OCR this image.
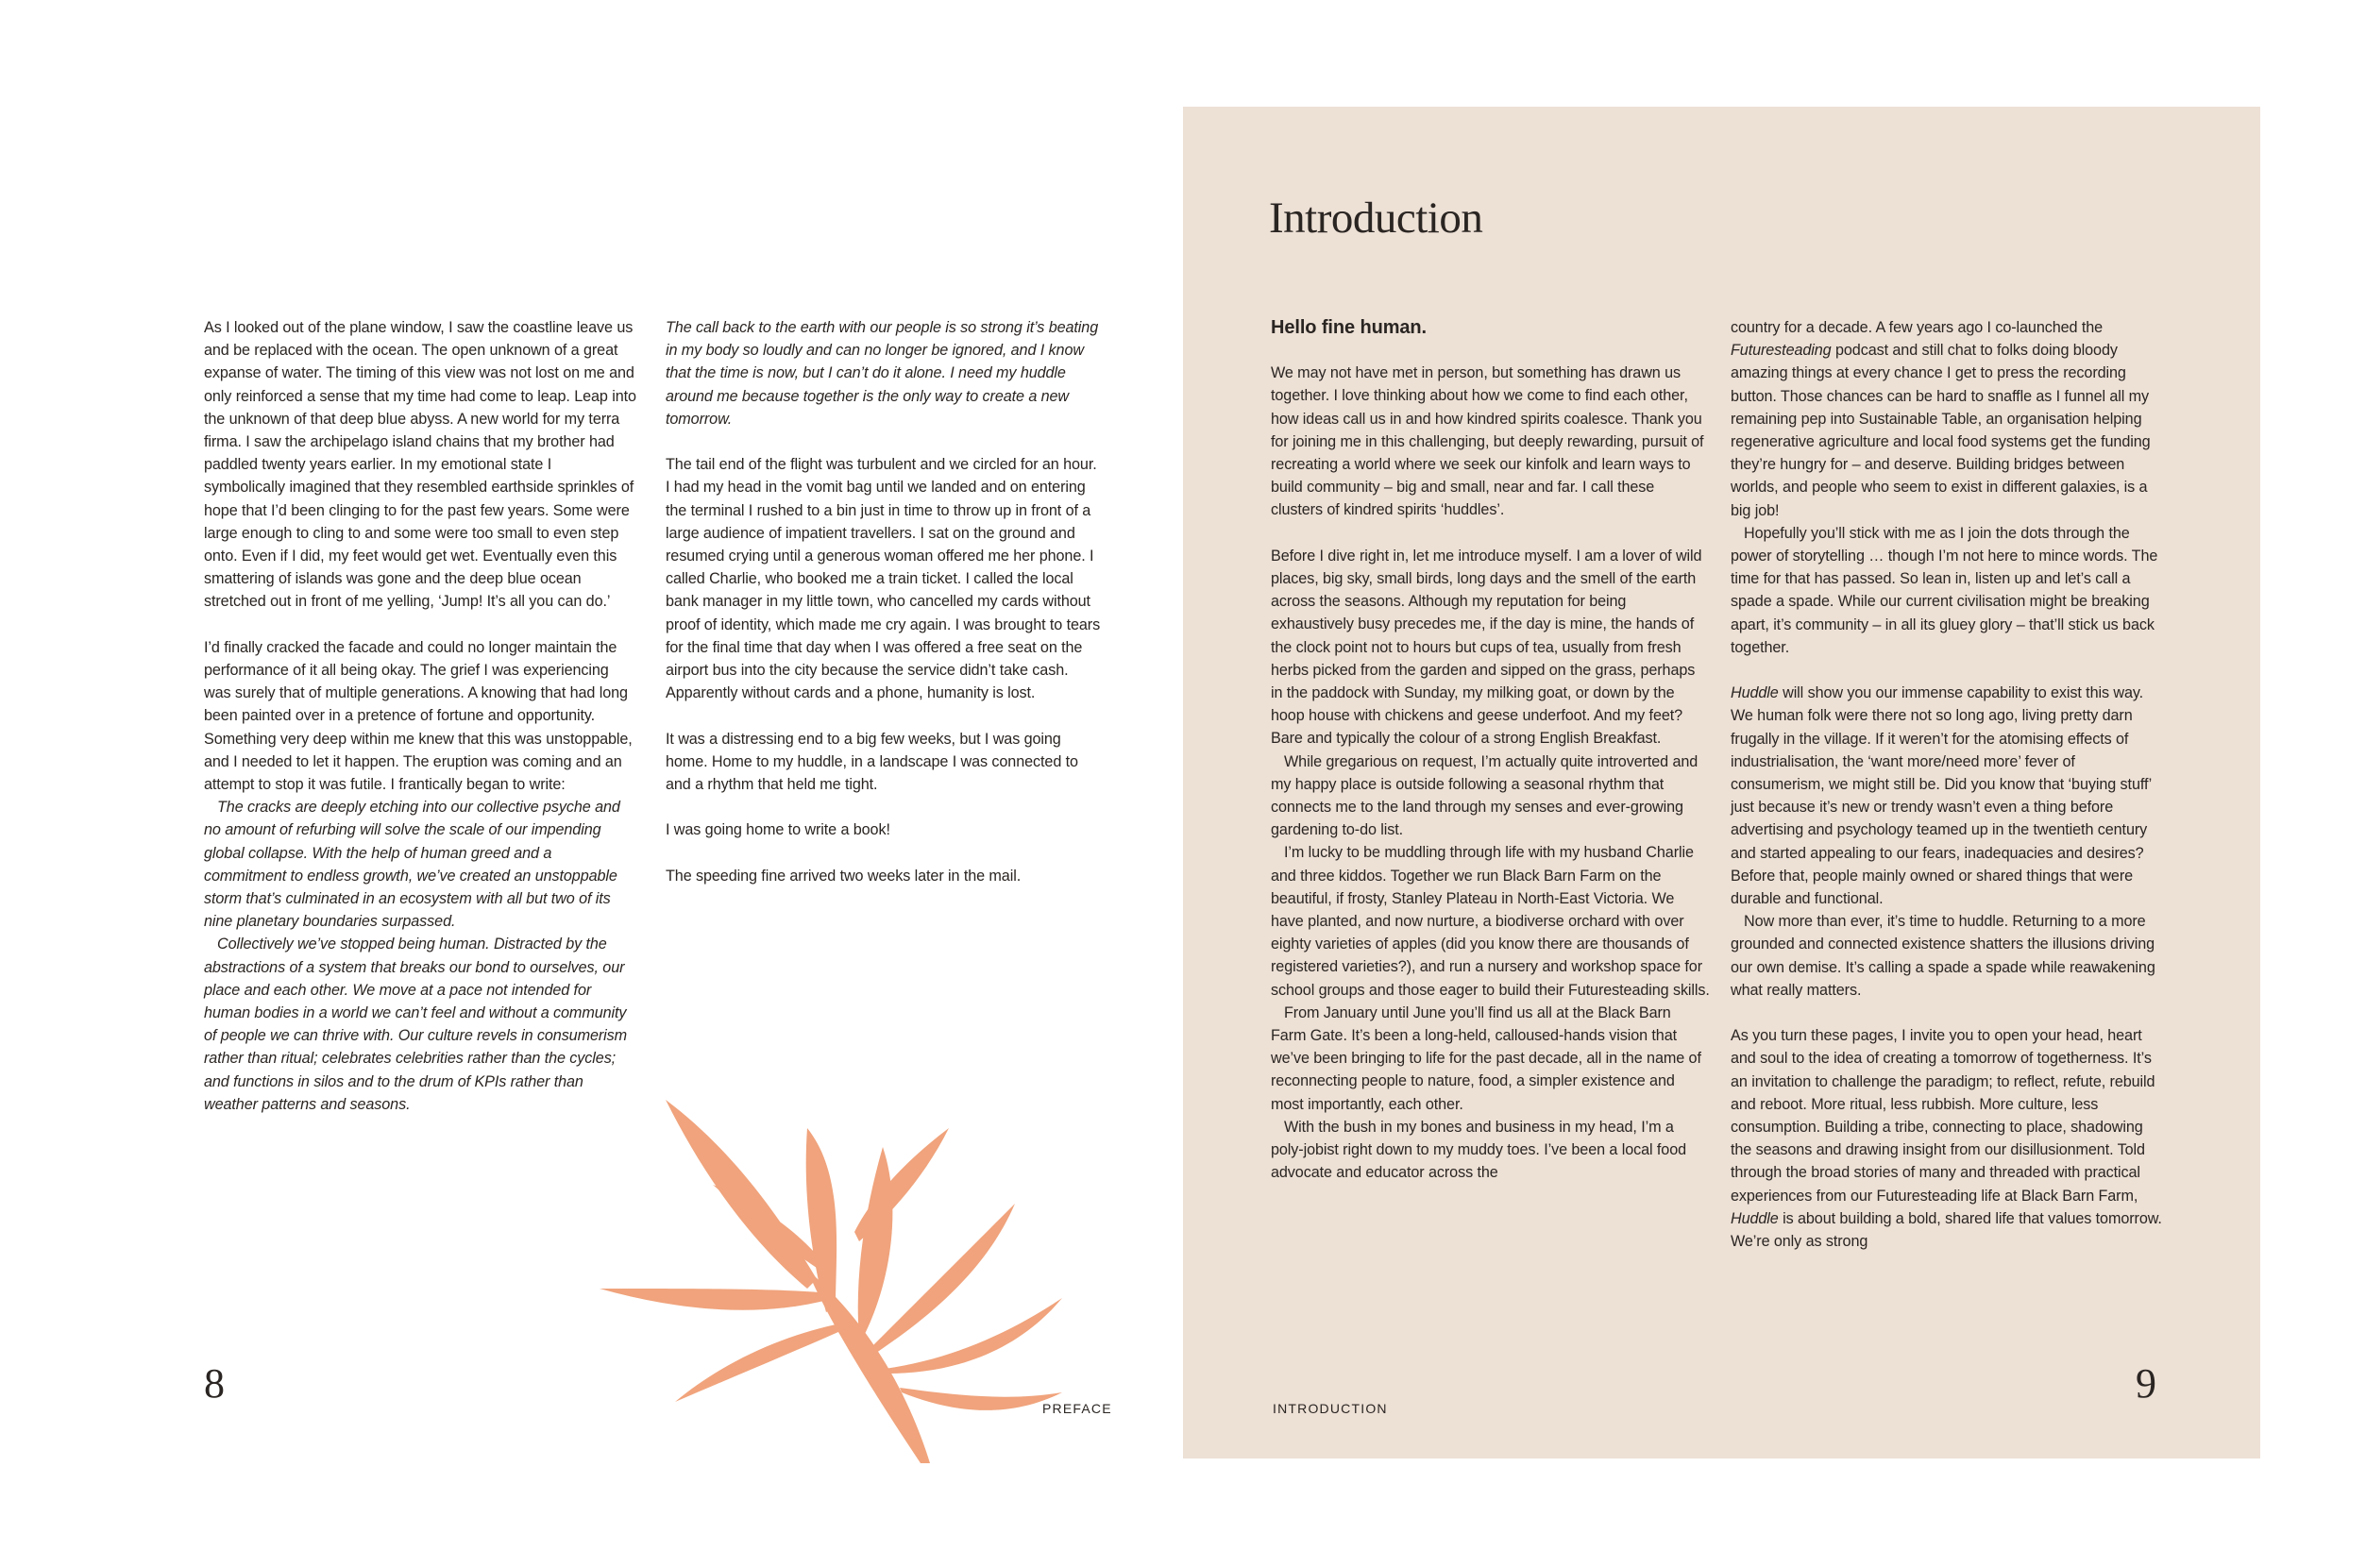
As I looked out of the plane window, I saw the coastline leave us and be replaced with the ocean. The open unknown of a great expanse of water. The timing of this view was not lost on me and only reinforced a sense that my time had come to leap. Leap into the unknown of that deep blue abyss. A new world for my terra firma. I saw the archipelago island chains that my brother had paddled twenty years earlier. In my emotional state I symbolically imagined that they resembled earthside sprinkles of hope that I’d been clinging to for the past few years. Some were large enough to cling to and some were too small to even step onto. Even if I did, my feet would get wet. Eventually even this smattering of islands was gone and the deep blue ocean stretched out in front of me yelling, ‘Jump! It’s all you can do.’

I’d finally cracked the facade and could no longer maintain the performance of it all being okay. The grief I was experiencing was surely that of multiple generations. A knowing that had long been painted over in a pretence of fortune and opportunity. Something very deep within me knew that this was unstoppable, and I needed to let it happen. The eruption was coming and an attempt to stop it was futile. I frantically began to write:

The cracks are deeply etching into our collective psyche and no amount of refurbing will solve the scale of our impending global collapse. With the help of human greed and a commitment to endless growth, we’ve created an unstoppable storm that’s culminated in an ecosystem with all but two of its nine planetary boundaries surpassed.

Collectively we’ve stopped being human. Distracted by the abstractions of a system that breaks our bond to ourselves, our place and each other. We move at a pace not intended for human bodies in a world we can’t feel and without a community of people we can thrive with. Our culture revels in consumerism rather than ritual; celebrates celebrities rather than the cycles; and functions in silos and to the drum of KPIs rather than weather patterns and seasons.

The call back to the earth with our people is so strong it’s beating in my body so loudly and can no longer be ignored, and I know that the time is now, but I can’t do it alone. I need my huddle around me because together is the only way to create a new tomorrow.

The tail end of the flight was turbulent and we circled for an hour. I had my head in the vomit bag until we landed and on entering the terminal I rushed to a bin just in time to throw up in front of a large audience of impatient travellers. I sat on the ground and resumed crying until a generous woman offered me her phone. I called Charlie, who booked me a train ticket. I called the local bank manager in my little town, who cancelled my cards without proof of identity, which made me cry again. I was brought to tears for the final time that day when I was offered a free seat on the airport bus into the city because the service didn’t take cash. Apparently without cards and a phone, humanity is lost.

It was a distressing end to a big few weeks, but I was going home. Home to my huddle, in a landscape I was connected to and a rhythm that held me tight.

I was going home to write a book!

The speeding fine arrived two weeks later in the mail.

8
PREFACE
Introduction
Hello fine human.

We may not have met in person, but something has drawn us together. I love thinking about how we come to find each other, how ideas call us in and how kindred spirits coalesce. Thank you for joining me in this challenging, but deeply rewarding, pursuit of recreating a world where we seek our kinfolk and learn ways to build community – big and small, near and far. I call these clusters of kindred spirits ‘huddles’.

Before I dive right in, let me introduce myself. I am a lover of wild places, big sky, small birds, long days and the smell of the earth across the seasons. Although my reputation for being exhaustively busy precedes me, if the day is mine, the hands of the clock point not to hours but cups of tea, usually from fresh herbs picked from the garden and sipped on the grass, perhaps in the paddock with Sunday, my milking goat, or down by the hoop house with chickens and geese underfoot. And my feet? Bare and typically the colour of a strong English Breakfast.

While gregarious on request, I’m actually quite introverted and my happy place is outside following a seasonal rhythm that connects me to the land through my senses and ever-growing gardening to-do list.

I’m lucky to be muddling through life with my husband Charlie and three kiddos. Together we run Black Barn Farm on the beautiful, if frosty, Stanley Plateau in North-East Victoria. We have planted, and now nurture, a biodiverse orchard with over eighty varieties of apples (did you know there are thousands of registered varieties?), and run a nursery and workshop space for school groups and those eager to build their Futuresteading skills.

From January until June you’ll find us all at the Black Barn Farm Gate. It’s been a long-held, calloused-hands vision that we’ve been bringing to life for the past decade, all in the name of reconnecting people to nature, food, a simpler existence and most importantly, each other.

With the bush in my bones and business in my head, I’m a poly-jobist right down to my muddy toes. I’ve been a local food advocate and educator across the

country for a decade. A few years ago I co-launched the Futuresteading podcast and still chat to folks doing bloody amazing things at every chance I get to press the recording button. Those chances can be hard to snaffle as I funnel all my remaining pep into Sustainable Table, an organisation helping regenerative agriculture and local food systems get the funding they’re hungry for – and deserve. Building bridges between worlds, and people who seem to exist in different galaxies, is a big job!

Hopefully you’ll stick with me as I join the dots through the power of storytelling … though I’m not here to mince words. The time for that has passed. So lean in, listen up and let’s call a spade a spade. While our current civilisation might be breaking apart, it’s community – in all its gluey glory – that’ll stick us back together.

Huddle will show you our immense capability to exist this way. We human folk were there not so long ago, living pretty darn frugally in the village. If it weren’t for the atomising effects of industrialisation, the ‘want more/need more’ fever of consumerism, we might still be. Did you know that ‘buying stuff’ just because it’s new or trendy wasn’t even a thing before advertising and psychology teamed up in the twentieth century and started appealing to our fears, inadequacies and desires? Before that, people mainly owned or shared things that were durable and functional.

Now more than ever, it’s time to huddle. Returning to a more grounded and connected existence shatters the illusions driving our own demise. It’s calling a spade a spade while reawakening what really matters.

As you turn these pages, I invite you to open your head, heart and soul to the idea of creating a tomorrow of togetherness. It’s an invitation to challenge the paradigm; to reflect, refute, rebuild and reboot. More ritual, less rubbish. More culture, less consumption. Building a tribe, connecting to place, shadowing the seasons and drawing insight from our disillusionment. Told through the broad stories of many and threaded with practical experiences from our Futuresteading life at Black Barn Farm, Huddle is about building a bold, shared life that values tomorrow. We’re only as strong

INTRODUCTION
9
